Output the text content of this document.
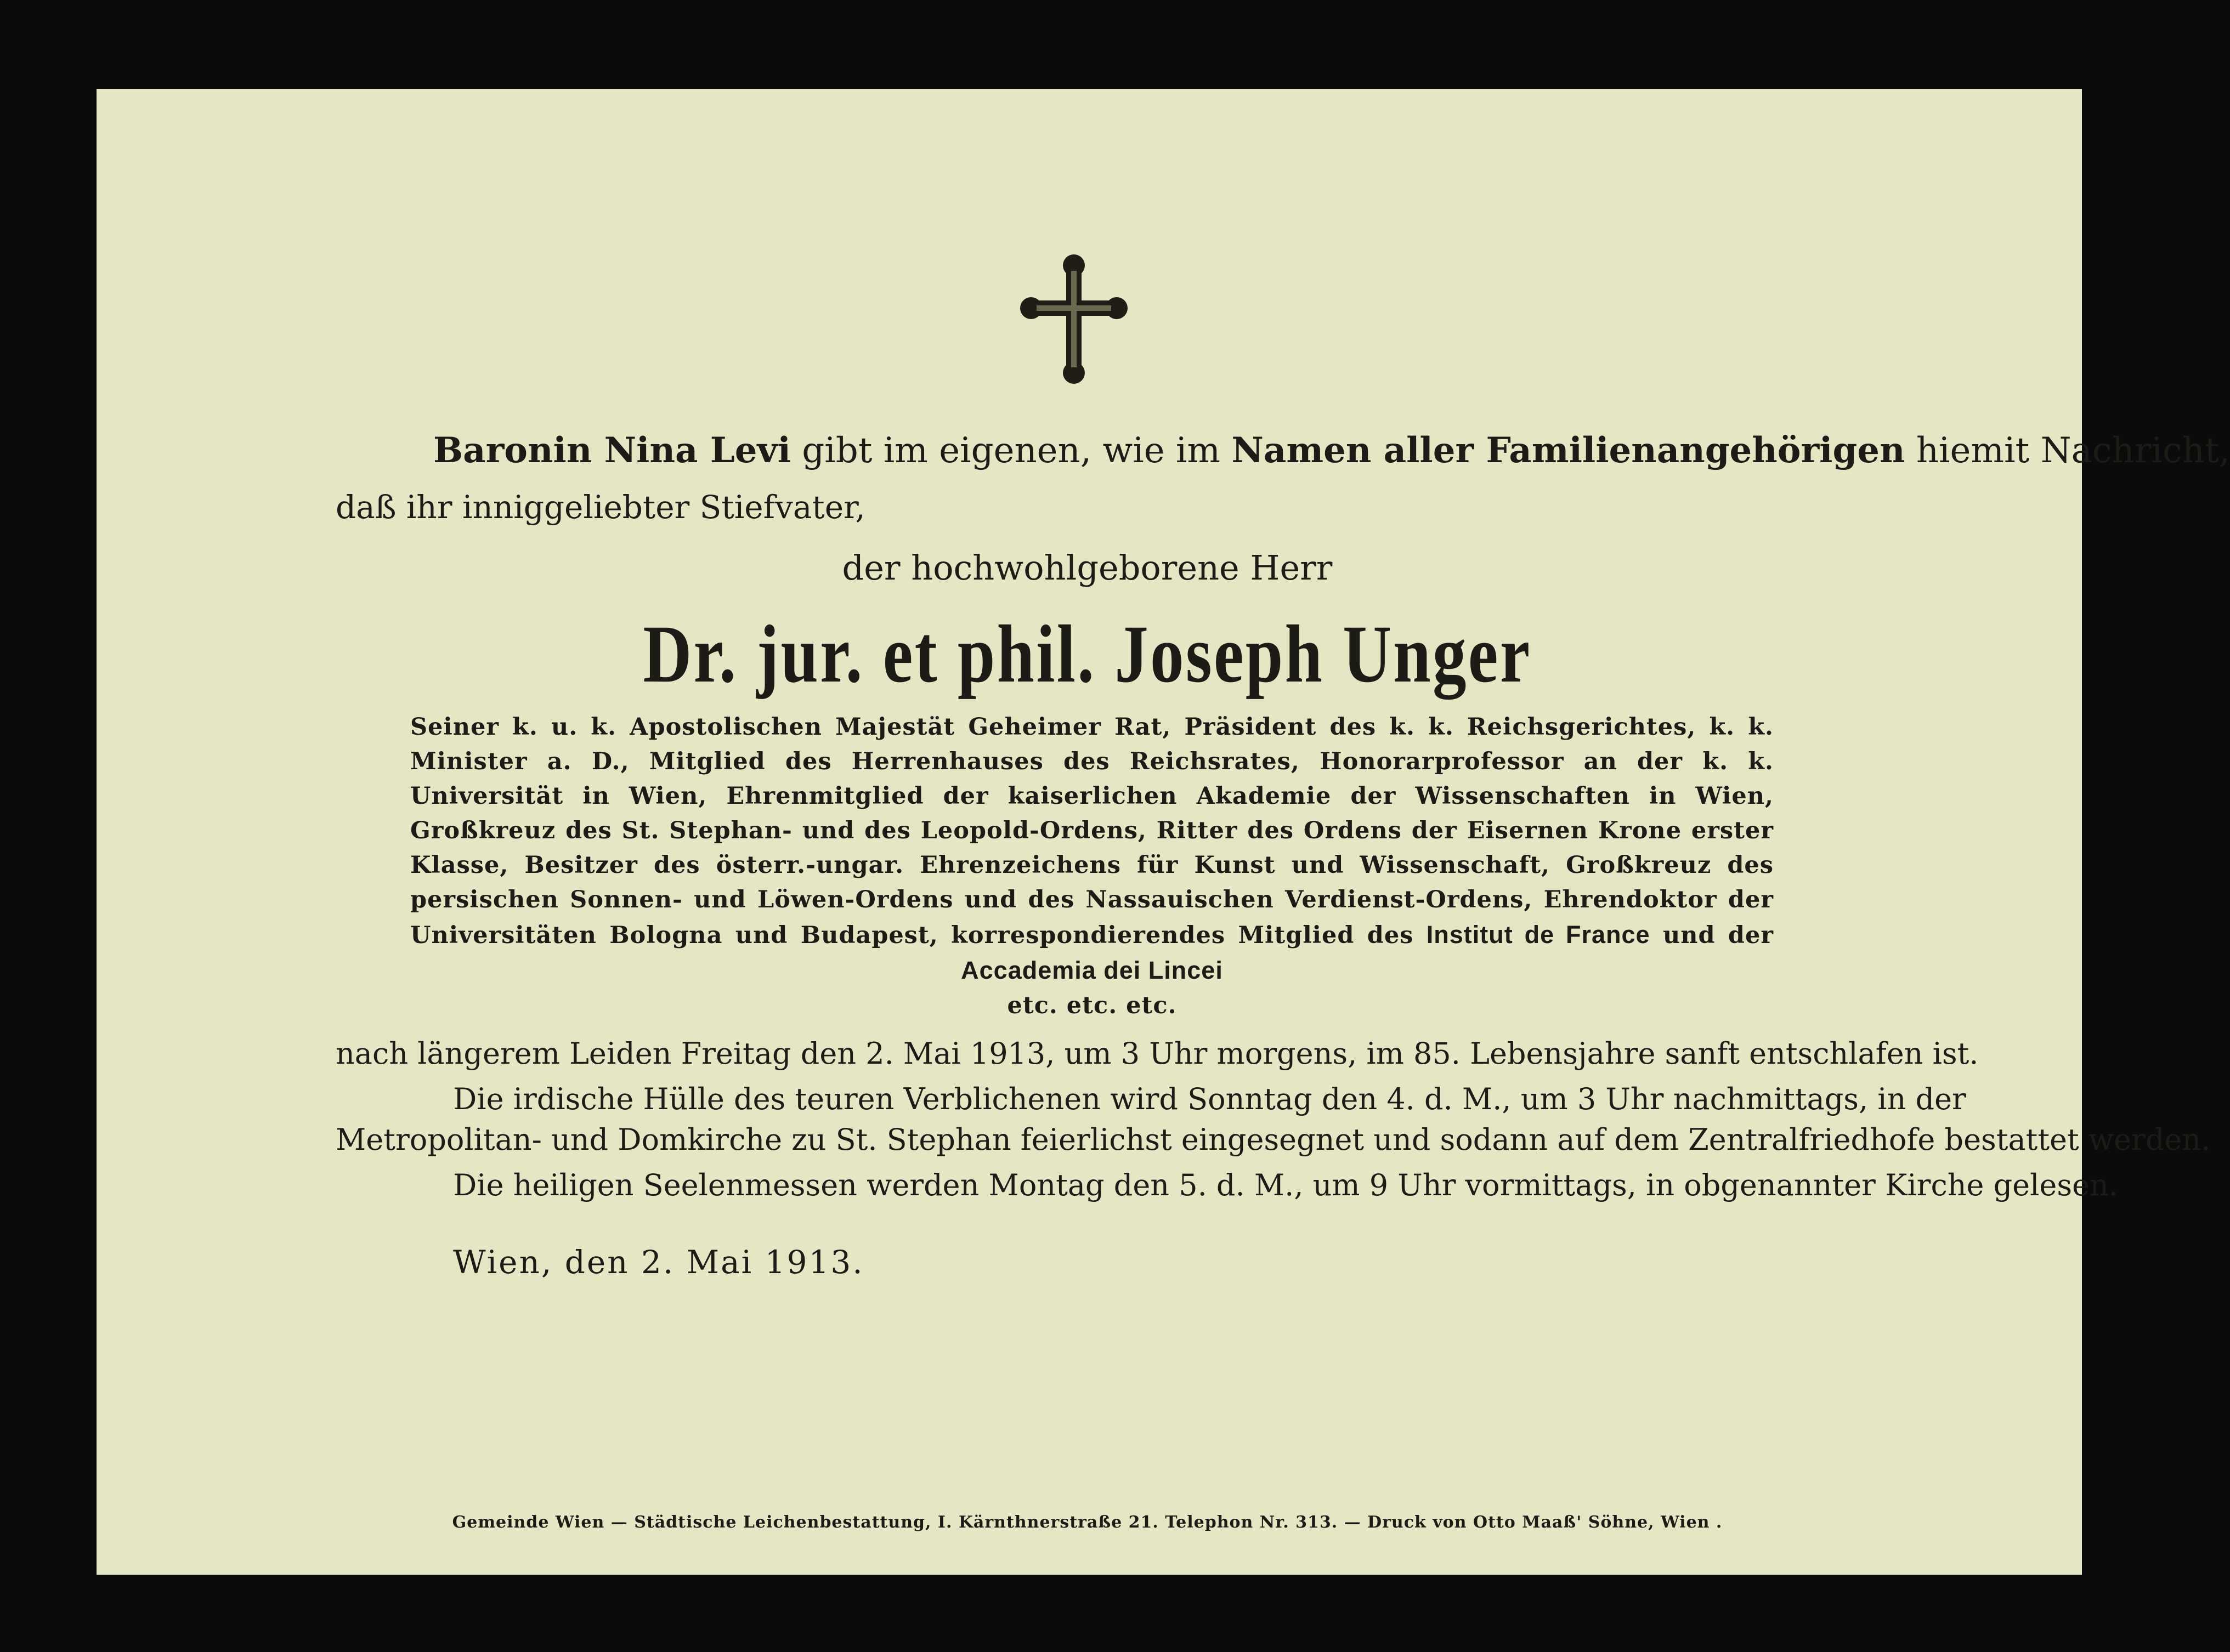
Baronin Nina Levi gibt im eigenen, wie im Namen aller Familienangehörigen hiemit Nachricht,
daß ihr inniggeliebter Stiefvater,
der hochwohlgeborene Herr
Dr. jur. et phil. Joseph Unger
Seiner k. u. k. Apostolischen Majestät Geheimer Rat, Präsident des k. k. Reichsgerichtes, k. k. Minister a. D., Mitglied des Herrenhauses des Reichsrates, Honorarprofessor an der k. k. Universität in Wien, Ehrenmitglied der kaiserlichen Akademie der Wissenschaften in Wien, Großkreuz des St. Stephan- und des Leopold-Ordens, Ritter des Ordens der Eisernen Krone erster Klasse, Besitzer des österr.-ungar. Ehrenzeichens für Kunst und Wissenschaft, Großkreuz des persischen Sonnen- und Löwen-Ordens und des Nassauischen Verdienst-Ordens, Ehrendoktor der Universitäten Bologna und Budapest, korrespondierendes Mitglied des Institut de France und der Accademia dei Lincei
etc. etc. etc.
nach längerem Leiden Freitag den 2. Mai 1913, um 3 Uhr morgens, im 85. Lebensjahre sanft entschlafen ist.
Die irdische Hülle des teuren Verblichenen wird Sonntag den 4. d. M., um 3 Uhr nachmittags, in der
Metropolitan- und Domkirche zu St. Stephan feierlichst eingesegnet und sodann auf dem Zentralfriedhofe bestattet werden.
Die heiligen Seelenmessen werden Montag den 5. d. M., um 9 Uhr vormittags, in obgenannter Kirche gelesen.
Wien, den 2. Mai 1913.
Gemeinde Wien — Städtische Leichenbestattung, I. Kärnthnerstraße 21. Telephon Nr. 313. — Druck von Otto Maaß' Söhne, Wien .
